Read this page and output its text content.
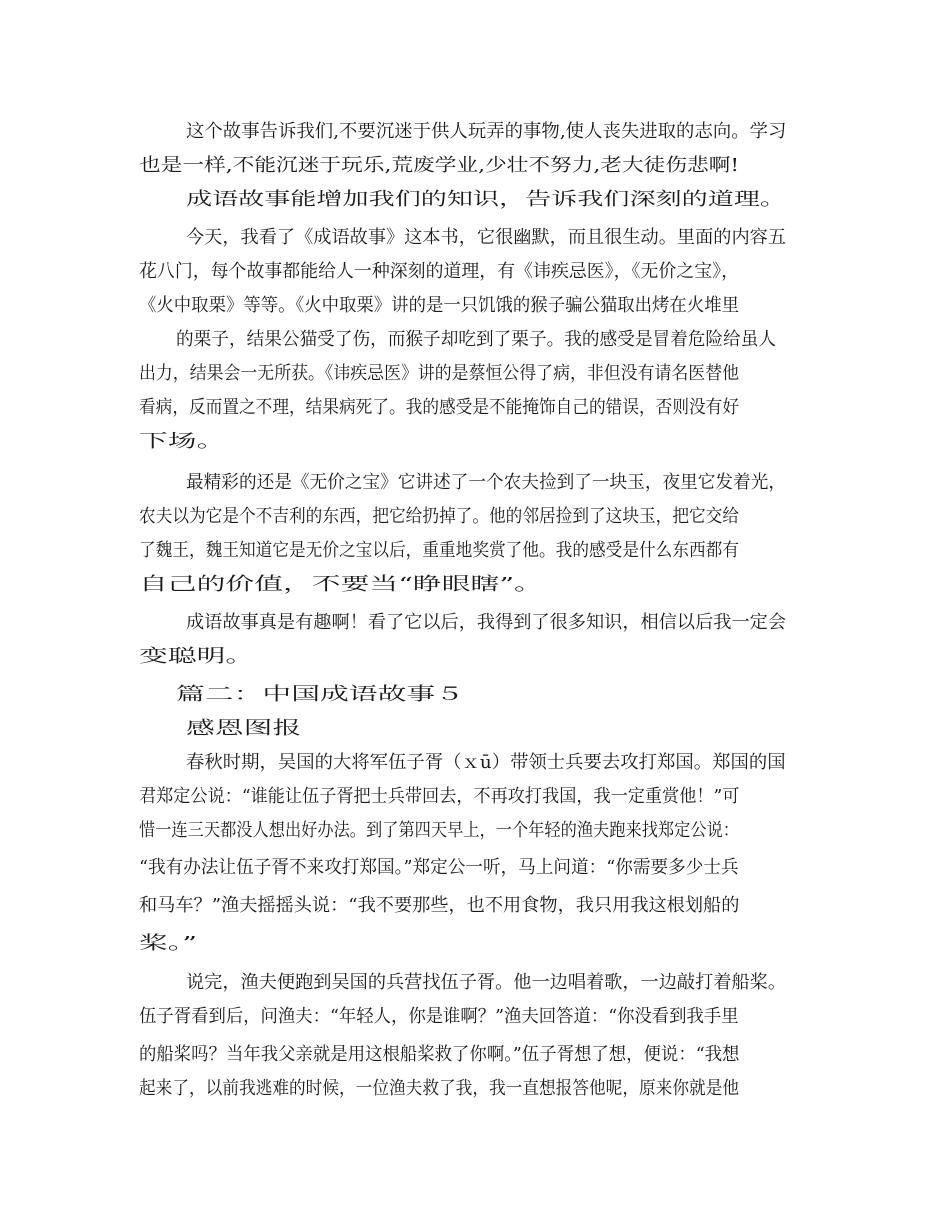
这个故事告诉我们,不要沉迷于供人玩弄的事物,使人丧失进取的志向。学习
也是一样,不能沉迷于玩乐,荒废学业,少壮不努力,老大徒伤悲啊!
成语故事能增加我们的知识，告诉我们深刻的道理。
今天，我看了《成语故事》这本书，它很幽默，而且很生动。里面的内容五
花八门，每个故事都能给人一种深刻的道理，有《讳疾忌医》，《无价之宝》，
《火中取栗》等等。《火中取栗》讲的是一只饥饿的猴子骗公猫取出烤在火堆里
的栗子，结果公猫受了伤，而猴子却吃到了栗子。我的感受是冒着危险给虽人
出力，结果会一无所获。《讳疾忌医》讲的是蔡恒公得了病，非但没有请名医替他
看病，反而置之不理，结果病死了。我的感受是不能掩饰自己的错误，否则没有好
下场。
最精彩的还是《无价之宝》它讲述了一个农夫捡到了一块玉，夜里它发着光，
农夫以为它是个不吉利的东西，把它给扔掉了。他的邻居捡到了这块玉，把它交给
了魏王，魏王知道它是无价之宝以后，重重地奖赏了他。我的感受是什么东西都有
自己的价值，不要当“睁眼瞎”。
成语故事真是有趣啊！看了它以后，我得到了很多知识，相信以后我一定会
变聪明。
篇二：中国成语故事５
感恩图报
春秋时期，吴国的大将军伍子胥（ｘū）带领士兵要去攻打郑国。郑国的国
君郑定公说：“谁能让伍子胥把士兵带回去，不再攻打我国，我一定重赏他！”可
惜一连三天都没人想出好办法。到了第四天早上，一个年轻的渔夫跑来找郑定公说：
“我有办法让伍子胥不来攻打郑国。”郑定公一听，马上问道：“你需要多少士兵
和马车？”渔夫摇摇头说：“我不要那些，也不用食物，我只用我这根划船的
桨。”
说完，渔夫便跑到吴国的兵营找伍子胥。他一边唱着歌，一边敲打着船桨。
伍子胥看到后，问渔夫：“年轻人，你是谁啊？”渔夫回答道：“你没看到我手里
的船桨吗？当年我父亲就是用这根船桨救了你啊。”伍子胥想了想，便说：“我想
起来了，以前我逃难的时候，一位渔夫救了我，我一直想报答他呢，原来你就是他
